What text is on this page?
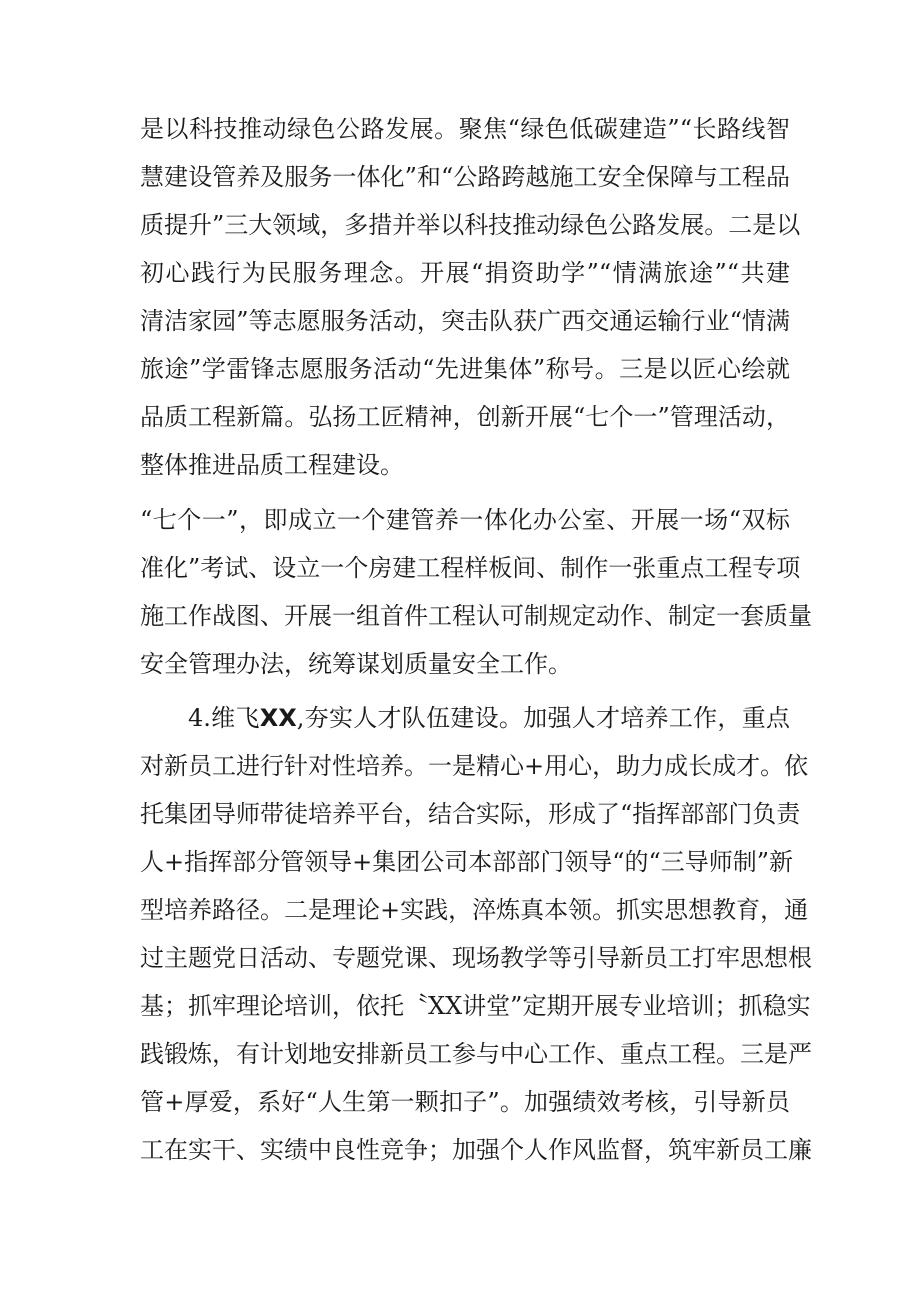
是以科技推动绿色公路发展。聚焦“绿色低碳建造”“长路线智
慧建设管养及服务一体化”和“公路跨越施工安全保障与工程品
质提升”三大领域，多措并举以科技推动绿色公路发展。二是以
初心践行为民服务理念。开展“捐资助学”“情满旅途”“共建
清洁家园”等志愿服务活动，突击队获广西交通运输行业“情满
旅途”学雷锋志愿服务活动“先进集体”称号。三是以匠心绘就
品质工程新篇。弘扬工匠精神，创新开展“七个一”管理活动，
整体推进品质工程建设。
“七个一”，即成立一个建管养一体化办公室、开展一场“双标
准化”考试、设立一个房建工程样板间、制作一张重点工程专项
施工作战图、开展一组首件工程认可制规定动作、制定一套质量
安全管理办法，统筹谋划质量安全工作。
4.维飞XX,夯实人才队伍建设。加强人才培养工作，重点
对新员工进行针对性培养。一是精心+用心，助力成长成才。依
托集团导师带徒培养平台，结合实际，形成了“指挥部部门负责
人+指挥部分管领导+集团公司本部部门领导“的“三导师制”新
型培养路径。二是理论+实践，淬炼真本领。抓实思想教育，通
过主题党日活动、专题党课、现场教学等引导新员工打牢思想根
基；抓牢理论培训，依托〝XX讲堂”定期开展专业培训；抓稳实
践锻炼，有计划地安排新员工参与中心工作、重点工程。三是严
管+厚爱，系好“人生第一颗扣子”。加强绩效考核，引导新员
工在实干、实绩中良性竞争；加强个人作风监督，筑牢新员工廉
